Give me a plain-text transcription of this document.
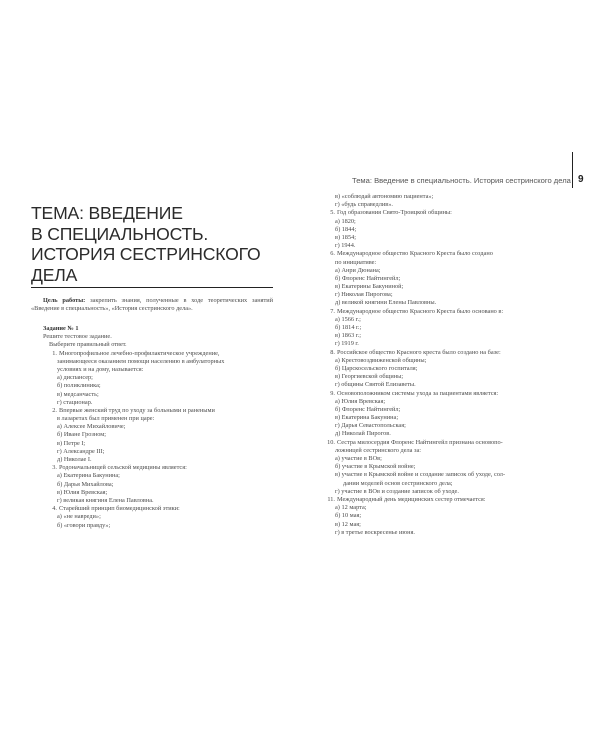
Тема: Введение в специальность. История сестринского дела 9
ТЕМА: ВВЕДЕНИЕ
В СПЕЦИАЛЬНОСТЬ.
ИСТОРИЯ СЕСТРИНСКОГО
ДЕЛА
Цель работы: закрепить знания, полученные в ходе теоретических занятий «Введение в специальность», «История сестринского дела».
Задание № 1
Решите тестовое задание.
Выберите правильный ответ.
1. Многопрофильное лечебно-профилактическое учреждение,
занимающееся оказанием помощи населению в амбулаторных
условиях и на дому, называется:
а) диспансер;
б) поликлиника;
в) медсанчасть;
г) стационар.
2. Впервые женский труд по уходу за больными и ранеными
в лазаретах был применен при царе:
а) Алексее Михайловиче;
б) Иване Грозном;
в) Петре I;
г) Александре III;
д) Николае I.
3. Родоначальницей сельской медицины является:
а) Екатерина Бакунина;
б) Дарья Михайлова;
в) Юлия Вревская;
г) великая княгиня Елена Павловна.
4. Старейший принцип биомедицинской этики:
а) «не навреди»;
б) «говори правду»;
в) «соблюдай автономию пациента»;
г) «будь справедлив».
5. Год образования Свято-Троицкой общины:
а) 1820;
б) 1844;
в) 1854;
г) 1944.
6. Международное общество Красного Креста было создано
по инициативе:
а) Анри Дюнана;
б) Флоренс Найтингейл;
в) Екатерины Бакуниной;
г) Николая Пирогова;
д) великой княгини Елены Павловны.
7. Международное общество Красного Креста было основано в:
а) 1566 г.;
б) 1814 г.;
в) 1863 г.;
г) 1919 г.
8. Российское общество Красного креста было создано на базе:
а) Крестовоздвиженской общины;
б) Царскосельского госпиталя;
в) Георгиевской общины;
г) общины Святой Елизаветы.
9. Основоположником системы ухода за пациентами является:
а) Юлия Вревская;
б) Флоренс Найтингейл;
в) Екатерина Бакунина;
г) Дарья Севастопольская;
д) Николай Пирогов.
10. Сестра милосердия Флоренс Найтингейл признана основопо-
ложницей сестринского дела за:
а) участие в ВОв;
б) участие в Крымской войне;
в) участие в Крымской войне и создание записок об уходе, сол-
дании моделей основ сестринского дела;
г) участие в ВОв и создание записок об уходе.
11. Международный день медицинских сестер отмечается:
а) 12 марта;
б) 10 мая;
в) 12 мая;
г) в третье воскресенье июня.
